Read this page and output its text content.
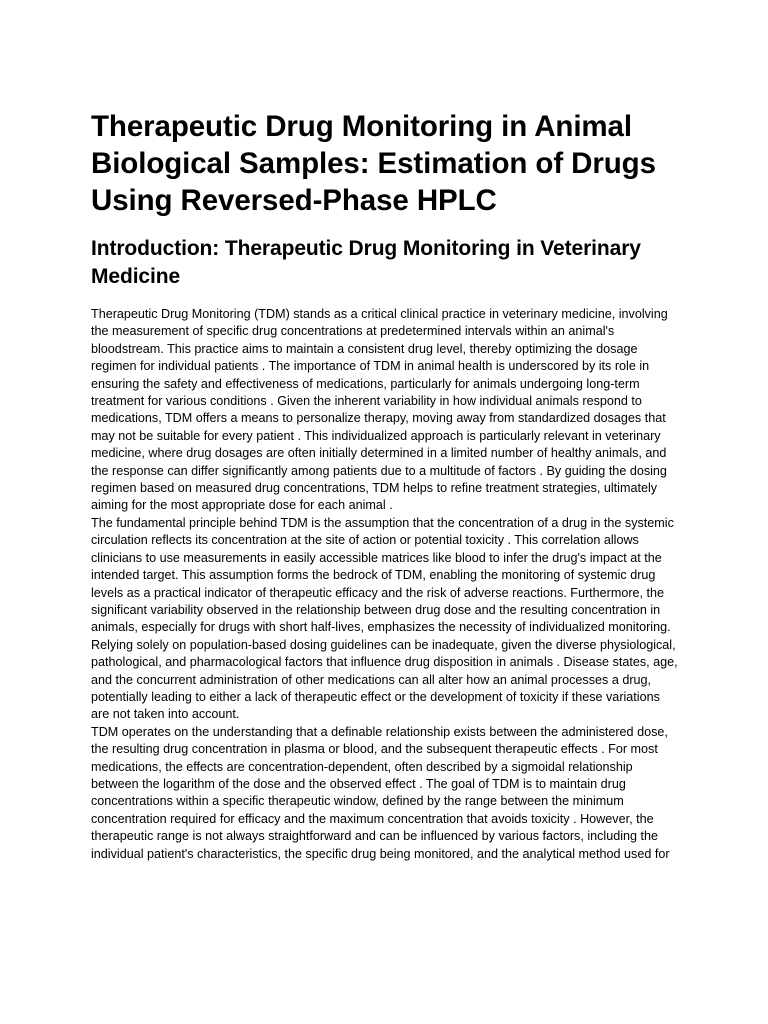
Therapeutic Drug Monitoring in Animal Biological Samples: Estimation of Drugs Using Reversed-Phase HPLC
Introduction: Therapeutic Drug Monitoring in Veterinary Medicine

Therapeutic Drug Monitoring (TDM) stands as a critical clinical practice in veterinary medicine, involving the measurement of specific drug concentrations at predetermined intervals within an animal's bloodstream. This practice aims to maintain a consistent drug level, thereby optimizing the dosage regimen for individual patients . The importance of TDM in animal health is underscored by its role in ensuring the safety and effectiveness of medications, particularly for animals undergoing long-term treatment for various conditions . Given the inherent variability in how individual animals respond to medications, TDM offers a means to personalize therapy, moving away from standardized dosages that may not be suitable for every patient . This individualized approach is particularly relevant in veterinary medicine, where drug dosages are often initially determined in a limited number of healthy animals, and the response can differ significantly among patients due to a multitude of factors . By guiding the dosing regimen based on measured drug concentrations, TDM helps to refine treatment strategies, ultimately aiming for the most appropriate dose for each animal .

The fundamental principle behind TDM is the assumption that the concentration of a drug in the systemic circulation reflects its concentration at the site of action or potential toxicity . This correlation allows clinicians to use measurements in easily accessible matrices like blood to infer the drug's impact at the intended target. This assumption forms the bedrock of TDM, enabling the monitoring of systemic drug levels as a practical indicator of therapeutic efficacy and the risk of adverse reactions. Furthermore, the significant variability observed in the relationship between drug dose and the resulting concentration in animals, especially for drugs with short half-lives, emphasizes the necessity of individualized monitoring. Relying solely on population-based dosing guidelines can be inadequate, given the diverse physiological, pathological, and pharmacological factors that influence drug disposition in animals . Disease states, age, and the concurrent administration of other medications can all alter how an animal processes a drug, potentially leading to either a lack of therapeutic effect or the development of toxicity if these variations are not taken into account.

TDM operates on the understanding that a definable relationship exists between the administered dose, the resulting drug concentration in plasma or blood, and the subsequent therapeutic effects . For most medications, the effects are concentration-dependent, often described by a sigmoidal relationship between the logarithm of the dose and the observed effect . The goal of TDM is to maintain drug concentrations within a specific therapeutic window, defined by the range between the minimum concentration required for efficacy and the maximum concentration that avoids toxicity . However, the therapeutic range is not always straightforward and can be influenced by various factors, including the individual patient's characteristics, the specific drug being monitored, and the analytical method used for
